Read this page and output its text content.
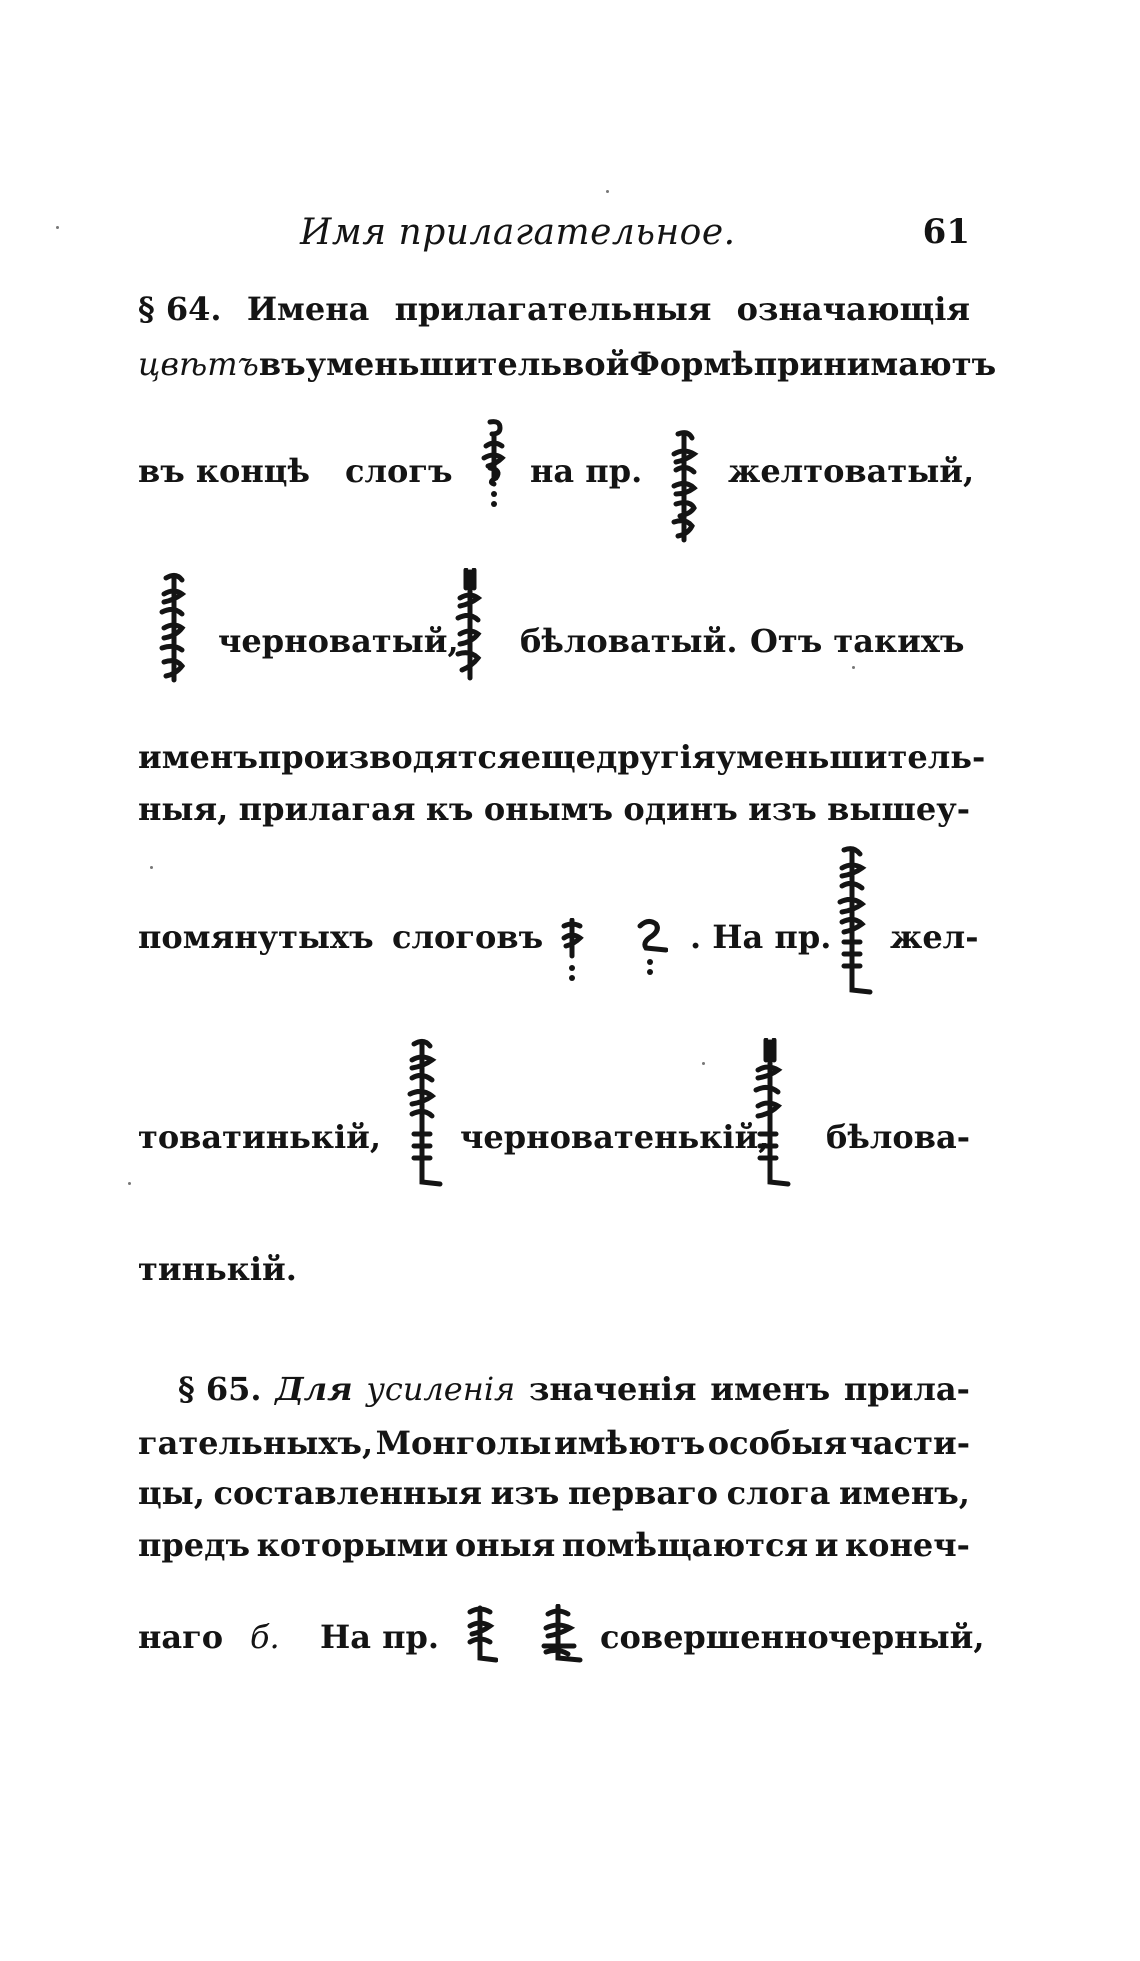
Имя прилагательное.	61
§ 64. Имена прилагательныя означающія
цвѣтъ въ уменьшительвой Формѣ принимаютъ
въ концѣ слогъ на пр.	желтоватый,
черноватый, бѣловатый. Отъ такихъ
именъ производятся еще другія уменьшитель-
ныя, прилагая къ онымъ одинъ изъ вышеу-
помянутыхъ слоговъ	. На пр. жел-
товатинькій, черноватенькій, бѣлова-
тинькій.
§ 65. Для усиленія значенія именъ прила-
гательныхъ, Монголы имѣютъ особыя части-
цы, составленныя изъ перваго слога именъ,
предъ которыми оныя помѣщаются и конеч-
наго б. На пр.	совершенно черный,
